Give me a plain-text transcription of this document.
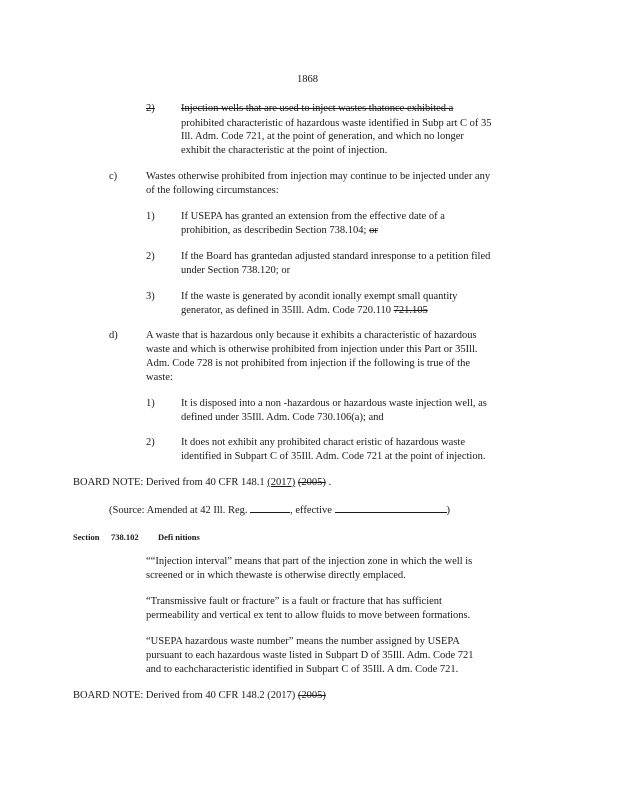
1868
2)	Injection wells that are used to inject wastes thatonce exhibited a
prohibited characteristic of hazardous waste identified in Subp art C of 35
Ill. Adm. Code 721, at the point of generation, and which no longer
exhibit the characteristic at the point of injection.
c)	Wastes otherwise prohibited from injection may continue to be injected under any
of the following circumstances:
1)	If USEPA has granted an extension from the effective date of a
prohibition, as describedin Section 738.104; or
2)	If the Board has grantedan adjusted standard inresponse to a petition filed
under Section 738.120; or
3)	If the waste is generated by acondit ionally exempt small quantity
generator, as defined in 35Ill. Adm. Code 720.110 721.105
d)	A waste that is hazardous only because it exhibits a characteristic of hazardous
waste and which is otherwise prohibited from injection under this Part or 35Ill.
Adm. Code 728 is not prohibited from injection if the following is true of the
waste:
1)	It is disposed into a non -hazardous or hazardous waste injection well, as
defined under 35Ill. Adm. Code 730.106(a); and
2)	It does not exhibit any prohibited charact eristic of hazardous waste
identified in Subpart C of 35Ill. Adm. Code 721 at the point of injection.
BOARD NOTE: Derived from 40 CFR 148.1 (2017) (2005) .
(Source: Amended at 42 Ill. Reg.	, effective	)
Section 738.102 Defi nitions
““Injection interval” means that part of the injection zone in which the well is
screened or in which thewaste is otherwise directly emplaced.
“Transmissive fault or fracture” is a fault or fracture that has sufficient
permeability and vertical ex tent to allow fluids to move between formations.
“USEPA hazardous waste number” means the number assigned by USEPA
pursuant to each hazardous waste listed in Subpart D of 35Ill. Adm. Code 721
and to eachcharacteristic identified in Subpart C of 35Ill. A dm. Code 721.
BOARD NOTE: Derived from 40 CFR 148.2 (2017) (2005)
